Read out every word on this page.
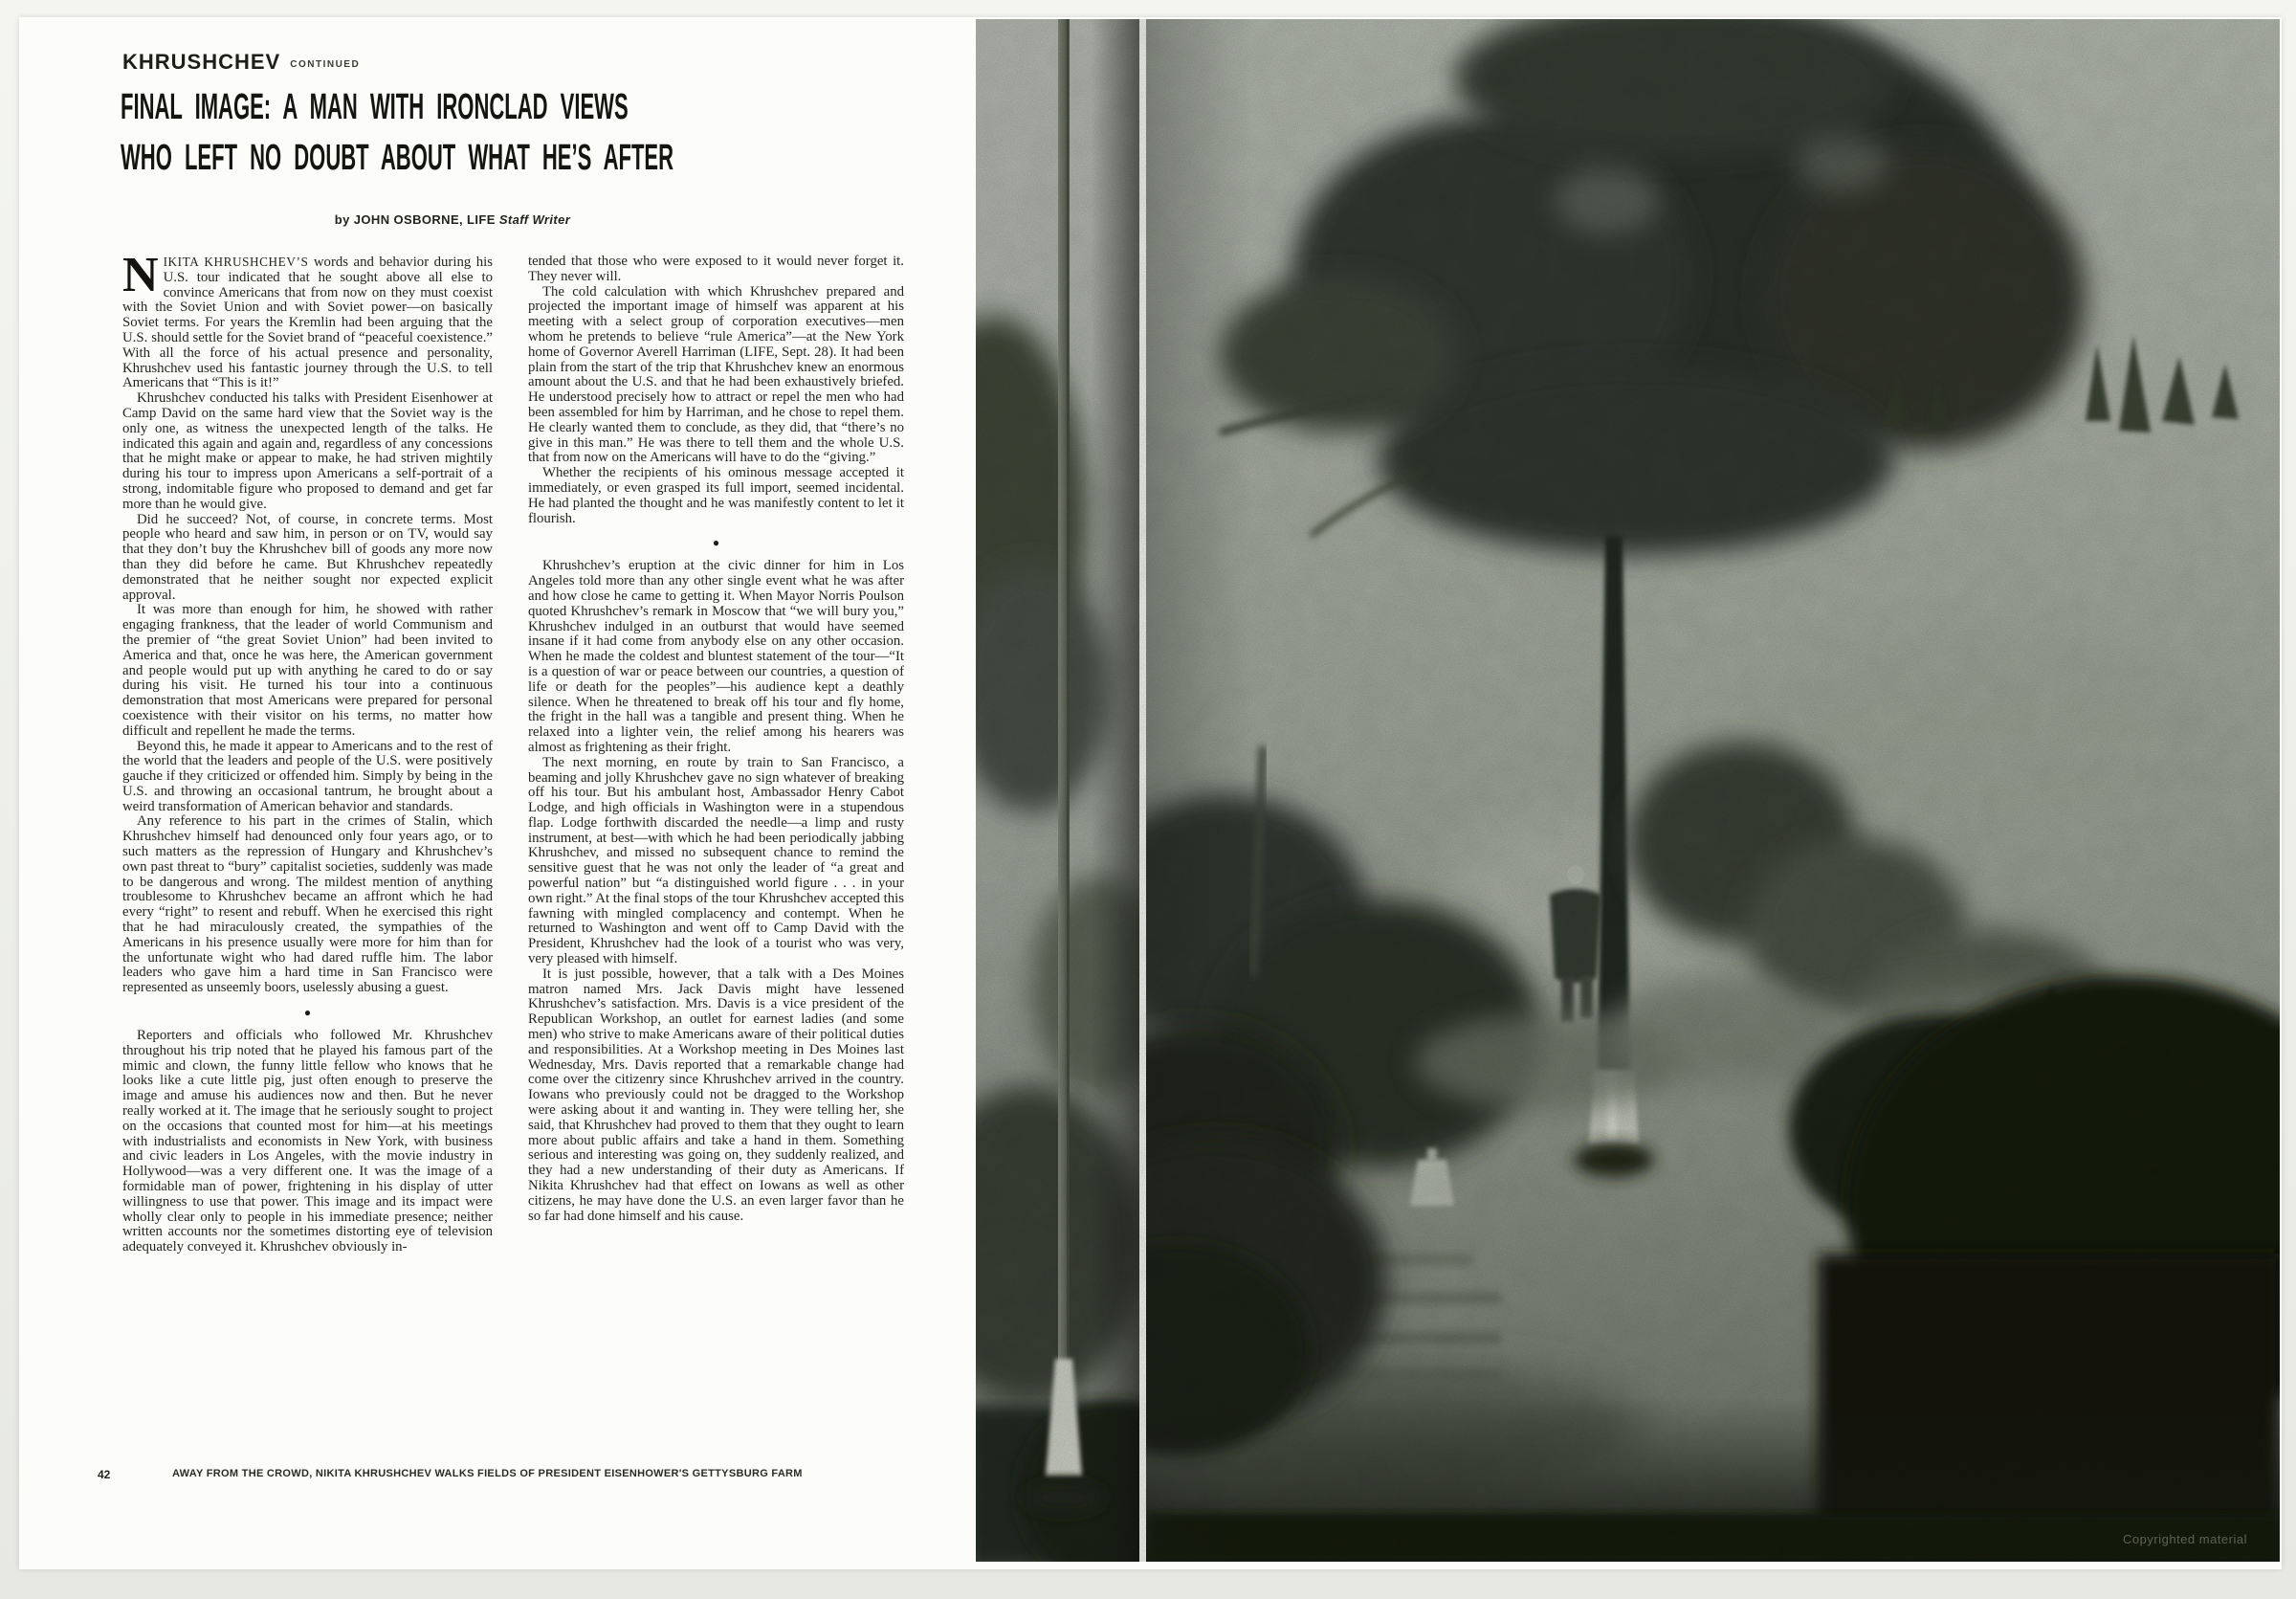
KHRUSHCHEV CONTINUED
FINAL IMAGE: A MAN WITH IRONCLAD VIEWS
WHO LEFT NO DOUBT ABOUT WHAT HE’S AFTER
by JOHN OSBORNE, LIFE Staff Writer

NIKITA KHRUSHCHEV’S words and behavior during his U.S. tour indicated that he sought above all else to convince Americans that from now on they must coexist with the Soviet Union and with Soviet power—on basically Soviet terms. For years the Kremlin had been arguing that the U.S. should settle for the Soviet brand of “peaceful coexistence.” With all the force of his actual presence and personality, Khrushchev used his fantastic journey through the U.S. to tell Americans that “This is it!”

Khrushchev conducted his talks with President Eisenhower at Camp David on the same hard view that the Soviet way is the only one, as witness the unexpected length of the talks. He indicated this again and again and, regardless of any concessions that he might make or appear to make, he had striven mightily during his tour to impress upon Americans a self-portrait of a strong, indomitable figure who proposed to demand and get far more than he would give.

Did he succeed? Not, of course, in concrete terms. Most people who heard and saw him, in person or on TV, would say that they don’t buy the Khrushchev bill of goods any more now than they did before he came. But Khrushchev repeatedly demonstrated that he neither sought nor expected explicit approval.

It was more than enough for him, he showed with rather engaging frankness, that the leader of world Communism and the premier of “the great Soviet Union” had been invited to America and that, once he was here, the American government and people would put up with anything he cared to do or say during his visit. He turned his tour into a continuous demonstration that most Americans were prepared for personal coexistence with their visitor on his terms, no matter how difficult and repellent he made the terms.

Beyond this, he made it appear to Americans and to the rest of the world that the leaders and people of the U.S. were positively gauche if they criticized or offended him. Simply by being in the U.S. and throwing an occasional tantrum, he brought about a weird transformation of American behavior and standards.

Any reference to his part in the crimes of Stalin, which Khrushchev himself had denounced only four years ago, or to such matters as the repression of Hungary and Khrushchev’s own past threat to “bury” capitalist societies, suddenly was made to be dangerous and wrong. The mildest mention of anything troublesome to Khrushchev became an affront which he had every “right” to resent and rebuff. When he exercised this right that he had miraculously created, the sympathies of the Americans in his presence usually were more for him than for the unfortunate wight who had dared ruffle him. The labor leaders who gave him a hard time in San Francisco were represented as unseemly boors, uselessly abusing a guest.

●

Reporters and officials who followed Mr. Khrushchev throughout his trip noted that he played his famous part of the mimic and clown, the funny little fellow who knows that he looks like a cute little pig, just often enough to preserve the image and amuse his audiences now and then. But he never really worked at it. The image that he seriously sought to project on the occasions that counted most for him—at his meetings with industrialists and economists in New York, with business and civic leaders in Los Angeles, with the movie industry in Hollywood—was a very different one. It was the image of a formidable man of power, frightening in his display of utter willingness to use that power. This image and its impact were wholly clear only to people in his immediate presence; neither written accounts nor the sometimes distorting eye of television adequately conveyed it. Khrushchev obviously in-

tended that those who were exposed to it would never forget it. They never will.

The cold calculation with which Khrushchev prepared and projected the important image of himself was apparent at his meeting with a select group of corporation executives—men whom he pretends to believe “rule America”—at the New York home of Governor Averell Harriman (LIFE, Sept. 28). It had been plain from the start of the trip that Khrushchev knew an enormous amount about the U.S. and that he had been exhaustively briefed. He understood precisely how to attract or repel the men who had been assembled for him by Harriman, and he chose to repel them. He clearly wanted them to conclude, as they did, that “there’s no give in this man.” He was there to tell them and the whole U.S. that from now on the Americans will have to do the “giving.”

Whether the recipients of his ominous message accepted it immediately, or even grasped its full import, seemed incidental. He had planted the thought and he was manifestly content to let it flourish.

●

Khrushchev’s eruption at the civic dinner for him in Los Angeles told more than any other single event what he was after and how close he came to getting it. When Mayor Norris Poulson quoted Khrushchev’s remark in Moscow that “we will bury you,” Khrushchev indulged in an outburst that would have seemed insane if it had come from anybody else on any other occasion. When he made the coldest and bluntest statement of the tour—“It is a question of war or peace between our countries, a question of life or death for the peoples”—his audience kept a deathly silence. When he threatened to break off his tour and fly home, the fright in the hall was a tangible and present thing. When he relaxed into a lighter vein, the relief among his hearers was almost as frightening as their fright.

The next morning, en route by train to San Francisco, a beaming and jolly Khrushchev gave no sign whatever of breaking off his tour. But his ambulant host, Ambassador Henry Cabot Lodge, and high officials in Washington were in a stupendous flap. Lodge forthwith discarded the needle—a limp and rusty instrument, at best—with which he had been periodically jabbing Khrushchev, and missed no subsequent chance to remind the sensitive guest that he was not only the leader of “a great and powerful nation” but “a distinguished world figure . . . in your own right.” At the final stops of the tour Khrushchev accepted this fawning with mingled complacency and contempt. When he returned to Washington and went off to Camp David with the President, Khrushchev had the look of a tourist who was very, very pleased with himself.

It is just possible, however, that a talk with a Des Moines matron named Mrs. Jack Davis might have lessened Khrushchev’s satisfaction. Mrs. Davis is a vice president of the Republican Workshop, an outlet for earnest ladies (and some men) who strive to make Americans aware of their political duties and responsibilities. At a Workshop meeting in Des Moines last Wednesday, Mrs. Davis reported that a remarkable change had come over the citizenry since Khrushchev arrived in the country. Iowans who previously could not be dragged to the Workshop were asking about it and wanting in. They were telling her, she said, that Khrushchev had proved to them that they ought to learn more about public affairs and take a hand in them. Something serious and interesting was going on, they suddenly realized, and they had a new understanding of their duty as Americans. If Nikita Khrushchev had that effect on Iowans as well as other citizens, he may have done the U.S. an even larger favor than he so far had done himself and his cause.

42	AWAY FROM THE CROWD, NIKITA KHRUSHCHEV WALKS FIELDS OF PRESIDENT EISENHOWER'S GETTYSBURG FARM
Copyrighted material
